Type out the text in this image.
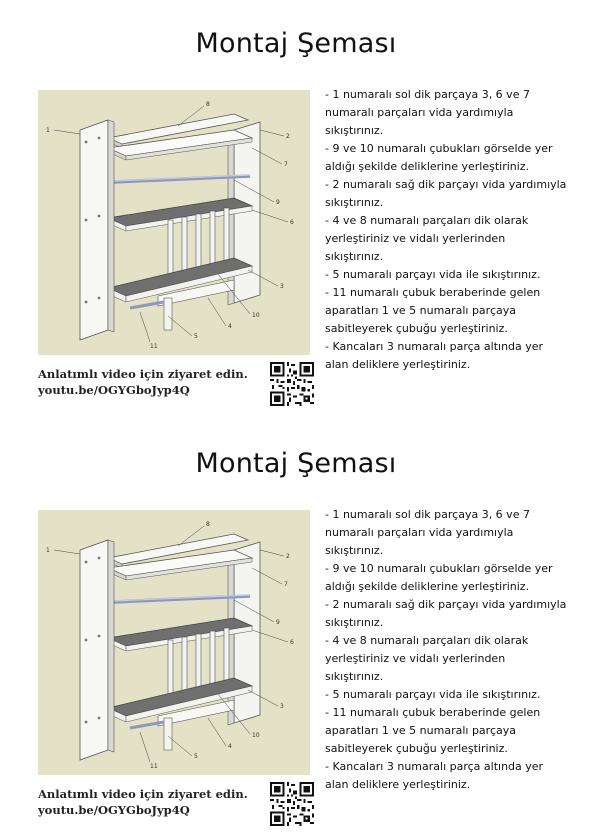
Montaj Şeması
1
8
2
7
9
6
3
10
4
5
11
- 1 numaralı sol dik parçaya 3, 6 ve 7
numaralı parçaları vida yardımıyla
sıkıştırınız.
- 9 ve 10 numaralı çubukları görselde yer
aldığı şekilde deliklerine yerleştiriniz.
- 2 numaralı sağ dik parçayı vida yardımıyla
sıkıştırınız.
- 4 ve 8 numaralı parçaları dik olarak
yerleştiriniz ve vidalı yerlerinden
sıkıştırınız.
- 5 numaralı parçayı vida ile sıkıştırınız.
- 11 numaralı çubuk beraberinde gelen
aparatları 1 ve 5 numaralı parçaya
sabitleyerek çubuğu yerleştiriniz.
- Kancaları 3 numaralı parça altında yer
alan deliklere yerleştiriniz.
Anlatımlı video için ziyaret edin.
youtu.be/OGYGboJyp4Q
Montaj Şeması
1
8
2
7
9
6
3
10
4
5
11
- 1 numaralı sol dik parçaya 3, 6 ve 7
numaralı parçaları vida yardımıyla
sıkıştırınız.
- 9 ve 10 numaralı çubukları görselde yer
aldığı şekilde deliklerine yerleştiriniz.
- 2 numaralı sağ dik parçayı vida yardımıyla
sıkıştırınız.
- 4 ve 8 numaralı parçaları dik olarak
yerleştiriniz ve vidalı yerlerinden
sıkıştırınız.
- 5 numaralı parçayı vida ile sıkıştırınız.
- 11 numaralı çubuk beraberinde gelen
aparatları 1 ve 5 numaralı parçaya
sabitleyerek çubuğu yerleştiriniz.
- Kancaları 3 numaralı parça altında yer
alan deliklere yerleştiriniz.
Anlatımlı video için ziyaret edin.
youtu.be/OGYGboJyp4Q
